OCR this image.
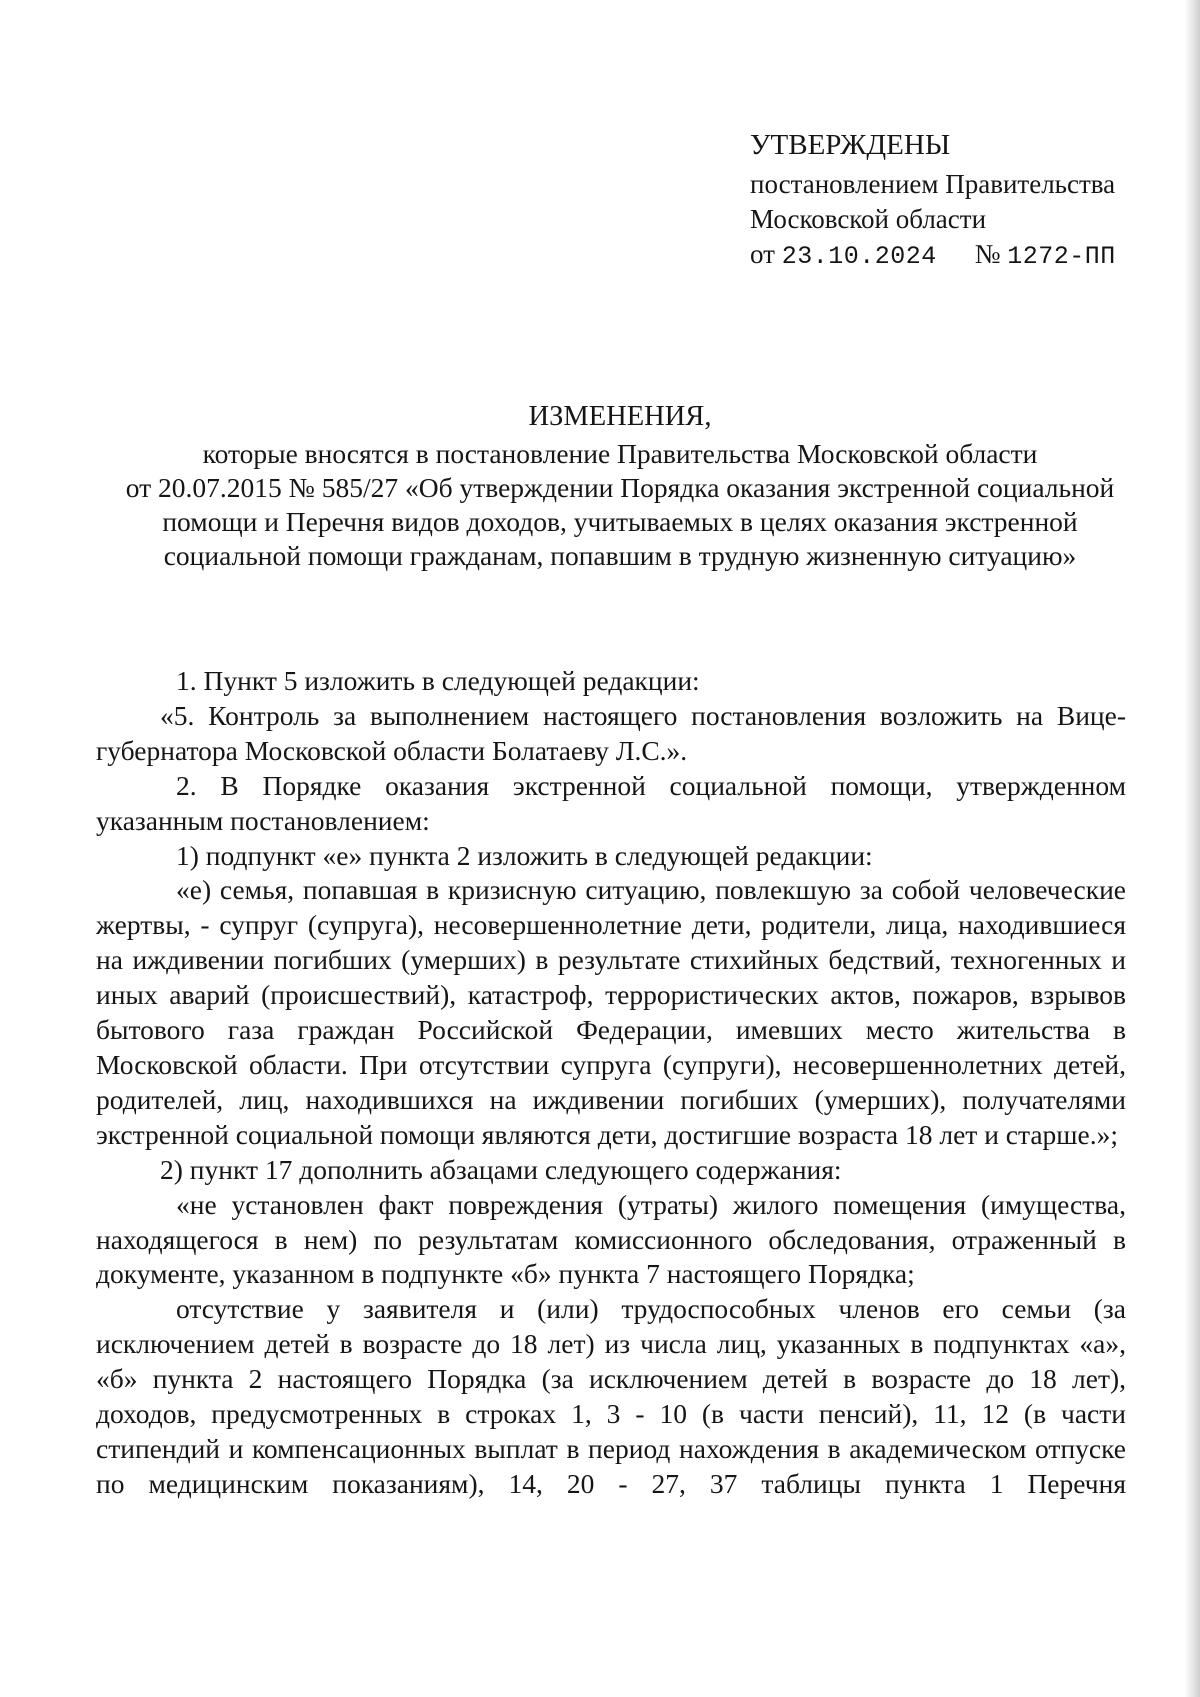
УТВЕРЖДЕНЫ
постановлением Правительства
Московской области
от 23.10.2024 № 1272-ПП
ИЗМЕНЕНИЯ,
которые вносятся в постановление Правительства Московской области
от 20.07.2015 № 585/27 «Об утверждении Порядка оказания экстренной социальной
помощи и Перечня видов доходов, учитываемых в целях оказания экстренной
социальной помощи гражданам, попавшим в трудную жизненную ситуацию»

1. Пункт 5 изложить в следующей редакции:

«5. Контроль за выполнением настоящего постановления возложить на Вице-губернатора Московской области Болатаеву Л.С.».

2. В Порядке оказания экстренной социальной помощи, утвержденном указанным постановлением:

1) подпункт «е» пункта 2 изложить в следующей редакции:

«е) семья, попавшая в кризисную ситуацию, повлекшую за собой человеческие жертвы, - супруг (супруга), несовершеннолетние дети, родители, лица, находившиеся на иждивении погибших (умерших) в результате стихийных бедствий, техногенных и иных аварий (происшествий), катастроф, террористических актов, пожаров, взрывов бытового газа граждан Российской Федерации, имевших место жительства в Московской области. При отсутствии супруга (супруги), несовершеннолетних детей, родителей, лиц, находившихся на иждивении погибших (умерших), получателями экстренной социальной помощи являются дети, достигшие возраста 18 лет и старше.»;

2) пункт 17 дополнить абзацами следующего содержания:

«не установлен факт повреждения (утраты) жилого помещения (имущества, находящегося в нем) по результатам комиссионного обследования, отраженный в документе, указанном в подпункте «б» пункта 7 настоящего Порядка;

отсутствие у заявителя и (или) трудоспособных членов его семьи (за исключением детей в возрасте до 18 лет) из числа лиц, указанных в подпунктах «а», «б» пункта 2 настоящего Порядка (за исключением детей в возрасте до 18 лет), доходов, предусмотренных в строках 1, 3 - 10 (в части пенсий), 11, 12 (в части стипендий и компенсационных выплат в период нахождения в академическом отпуске по медицинским показаниям), 14, 20 - 27, 37 таблицы пункта 1 Перечня
